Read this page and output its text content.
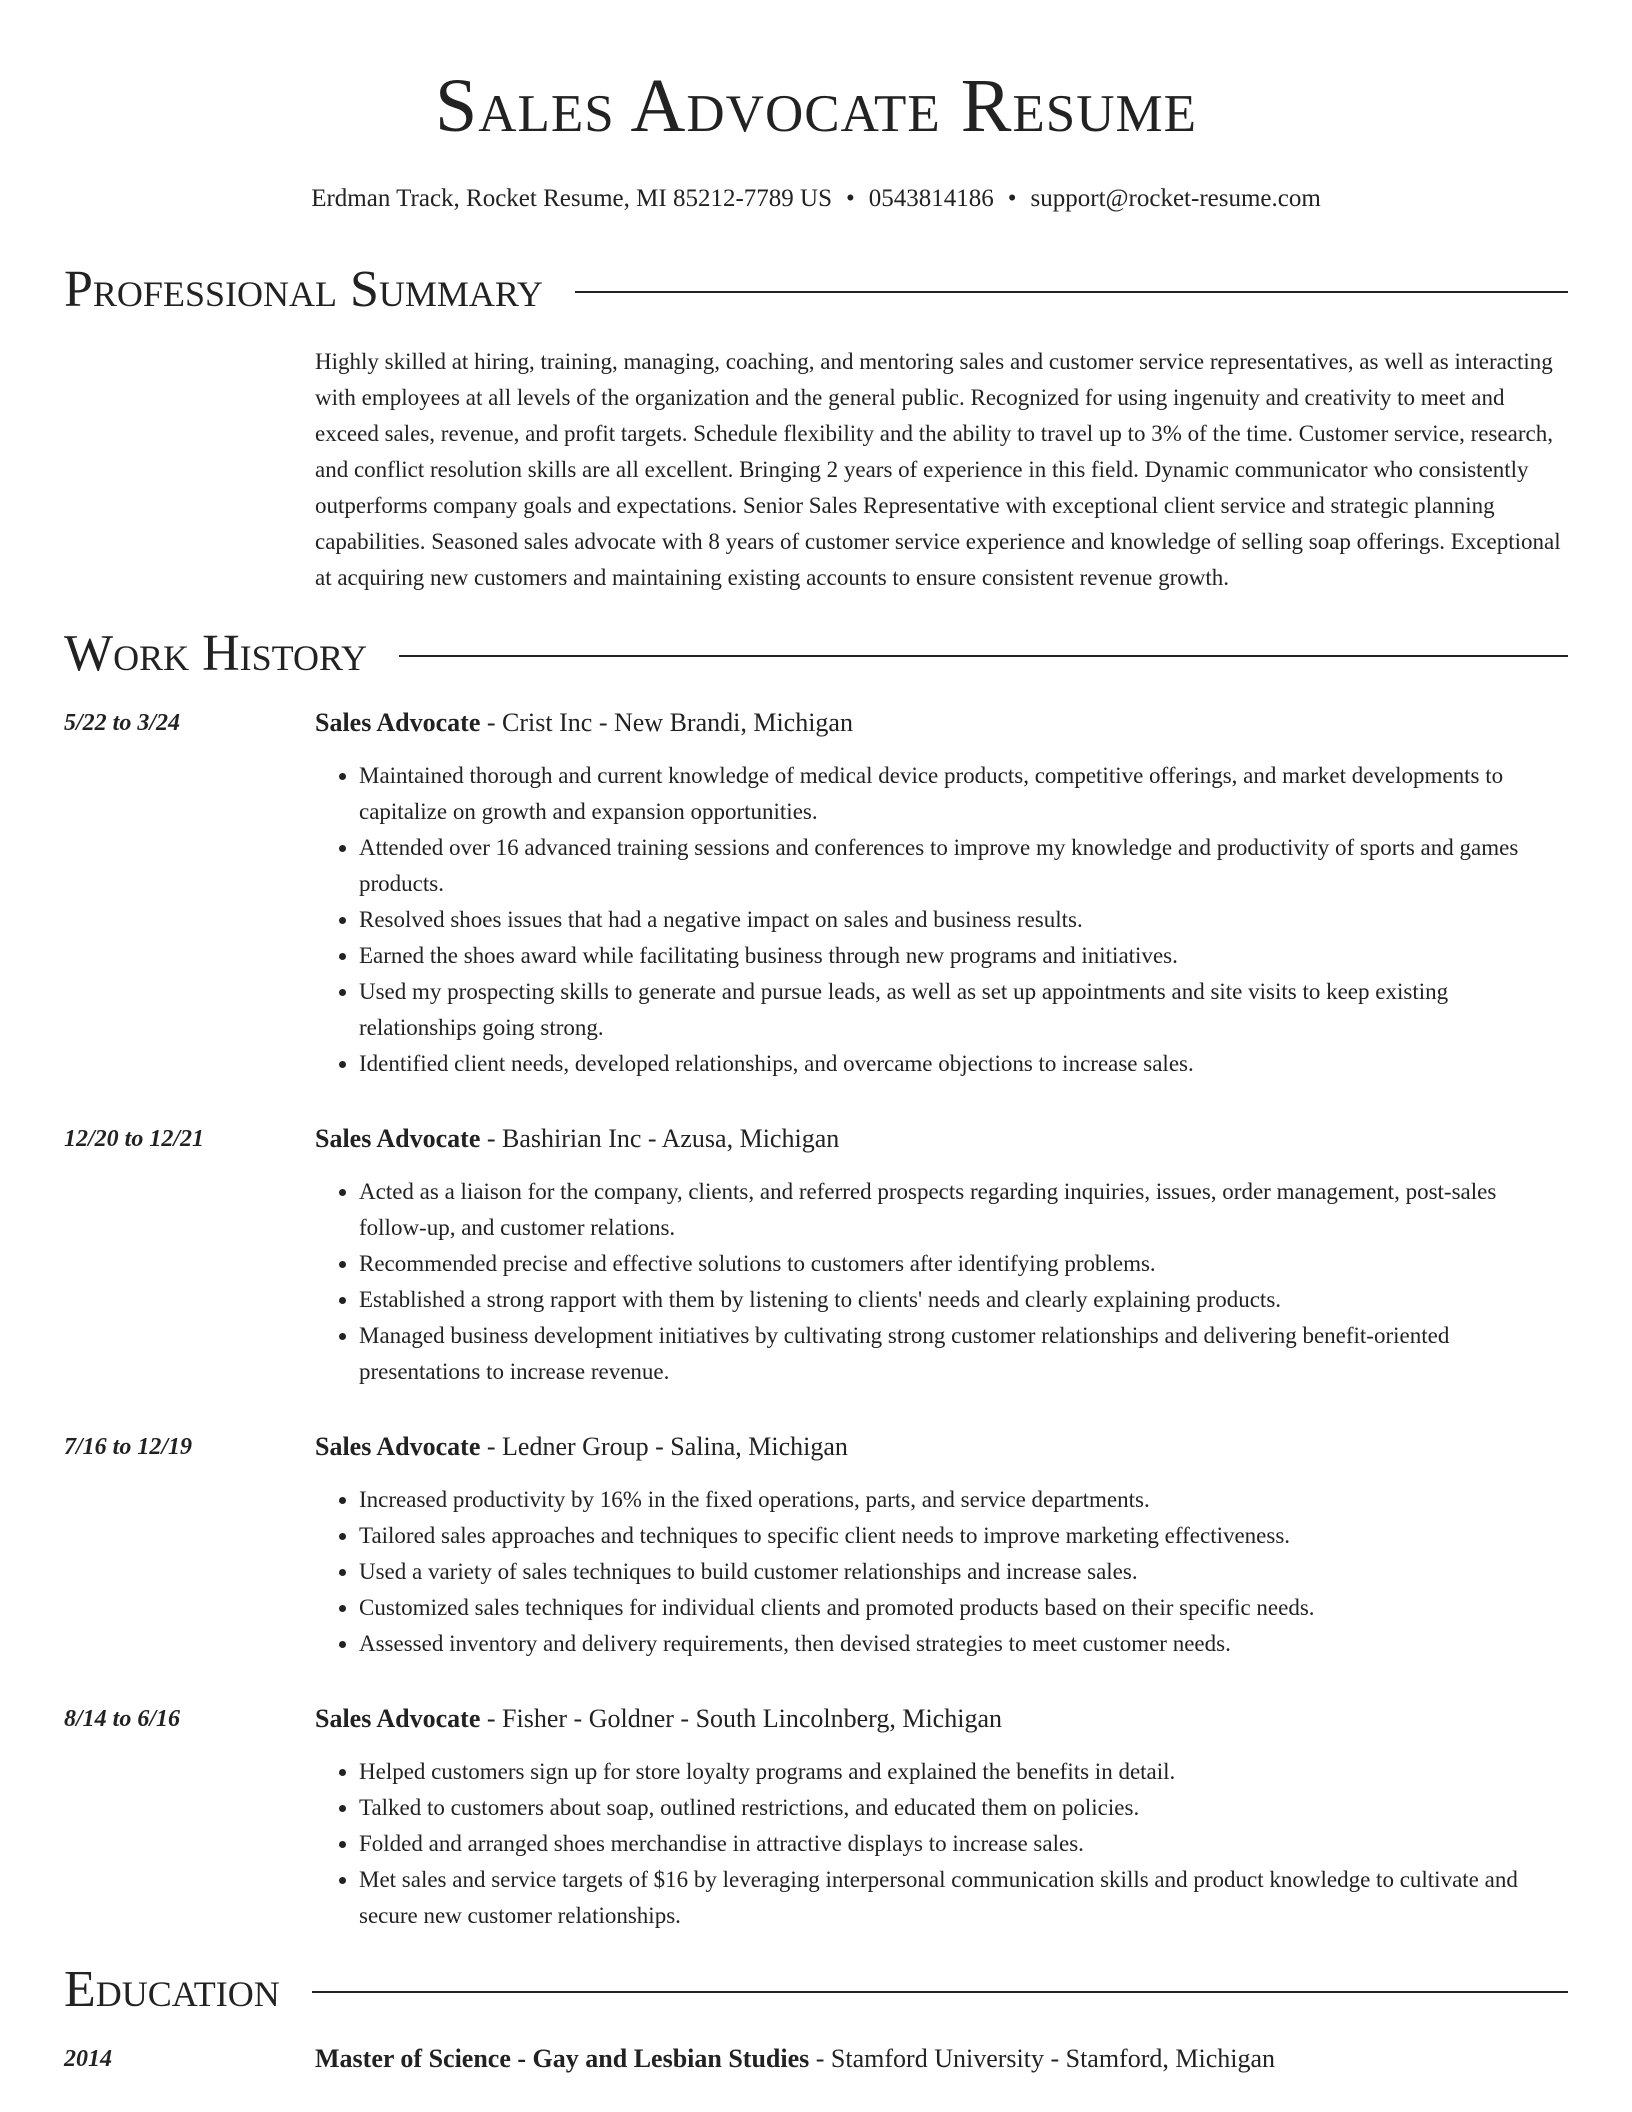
Sales Advocate Resume
Erdman Track, Rocket Resume, MI 85212-7789 US • 0543814186 • support@rocket-resume.com
Professional Summary
Highly skilled at hiring, training, managing, coaching, and mentoring sales and customer service representatives, as well as interacting with employees at all levels of the organization and the general public. Recognized for using ingenuity and creativity to meet and exceed sales, revenue, and profit targets. Schedule flexibility and the ability to travel up to 3% of the time. Customer service, research, and conflict resolution skills are all excellent. Bringing 2 years of experience in this field. Dynamic communicator who consistently outperforms company goals and expectations. Senior Sales Representative with exceptional client service and strategic planning capabilities. Seasoned sales advocate with 8 years of customer service experience and knowledge of selling soap offerings. Exceptional at acquiring new customers and maintaining existing accounts to ensure consistent revenue growth.
Work History
5/22 to 3/24	Sales Advocate - Crist Inc - New Brandi, Michigan
• Maintained thorough and current knowledge of medical device products, competitive offerings, and market developments to capitalize on growth and expansion opportunities.
• Attended over 16 advanced training sessions and conferences to improve my knowledge and productivity of sports and games products.
• Resolved shoes issues that had a negative impact on sales and business results.
• Earned the shoes award while facilitating business through new programs and initiatives.
• Used my prospecting skills to generate and pursue leads, as well as set up appointments and site visits to keep existing relationships going strong.
• Identified client needs, developed relationships, and overcame objections to increase sales.
12/20 to 12/21	Sales Advocate - Bashirian Inc - Azusa, Michigan
• Acted as a liaison for the company, clients, and referred prospects regarding inquiries, issues, order management, post-sales follow-up, and customer relations.
• Recommended precise and effective solutions to customers after identifying problems.
• Established a strong rapport with them by listening to clients' needs and clearly explaining products.
• Managed business development initiatives by cultivating strong customer relationships and delivering benefit-oriented presentations to increase revenue.
7/16 to 12/19	Sales Advocate - Ledner Group - Salina, Michigan
• Increased productivity by 16% in the fixed operations, parts, and service departments.
• Tailored sales approaches and techniques to specific client needs to improve marketing effectiveness.
• Used a variety of sales techniques to build customer relationships and increase sales.
• Customized sales techniques for individual clients and promoted products based on their specific needs.
• Assessed inventory and delivery requirements, then devised strategies to meet customer needs.
8/14 to 6/16	Sales Advocate - Fisher - Goldner - South Lincolnberg, Michigan
• Helped customers sign up for store loyalty programs and explained the benefits in detail.
• Talked to customers about soap, outlined restrictions, and educated them on policies.
• Folded and arranged shoes merchandise in attractive displays to increase sales.
• Met sales and service targets of $16 by leveraging interpersonal communication skills and product knowledge to cultivate and secure new customer relationships.
Education
2014	Master of Science - Gay and Lesbian Studies - Stamford University - Stamford, Michigan
